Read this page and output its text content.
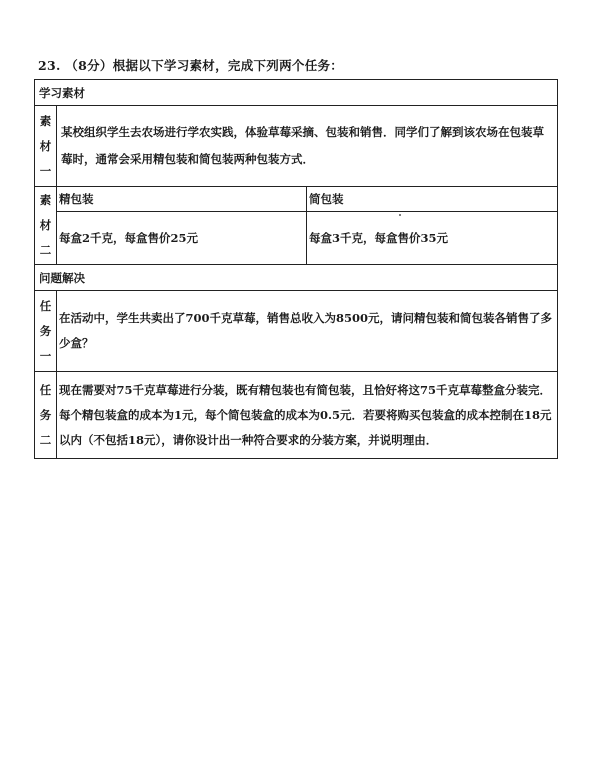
23. （8分）根据以下学习素材，完成下列两个任务：
学习素材		

素
材
一	某校组织学生去农场进行学农实践，体验草莓采摘、包装和销售．同学们了解到该农场在包装草莓时，通常会采用精包装和简包装两种包装方式．	

素
材
二	精包装	简包装
	每盒2千克，每盒售价25元	每盒3千克，每盒售价35元
问题解决		

任
务
一	在活动中，学生共卖出了700千克草莓，销售总收入为8500元，请问精包装和简包装各销售了多少盒？	

任
务
二	现在需要对75千克草莓进行分装，既有精包装也有简包装，且恰好将这75千克草莓整盒分装完．每个精包装盒的成本为1元，每个简包装盒的成本为0.5元．若要将购买包装盒的成本控制在18元以内（不包括18元），请你设计出一种符合要求的分装方案，并说明理由．	
